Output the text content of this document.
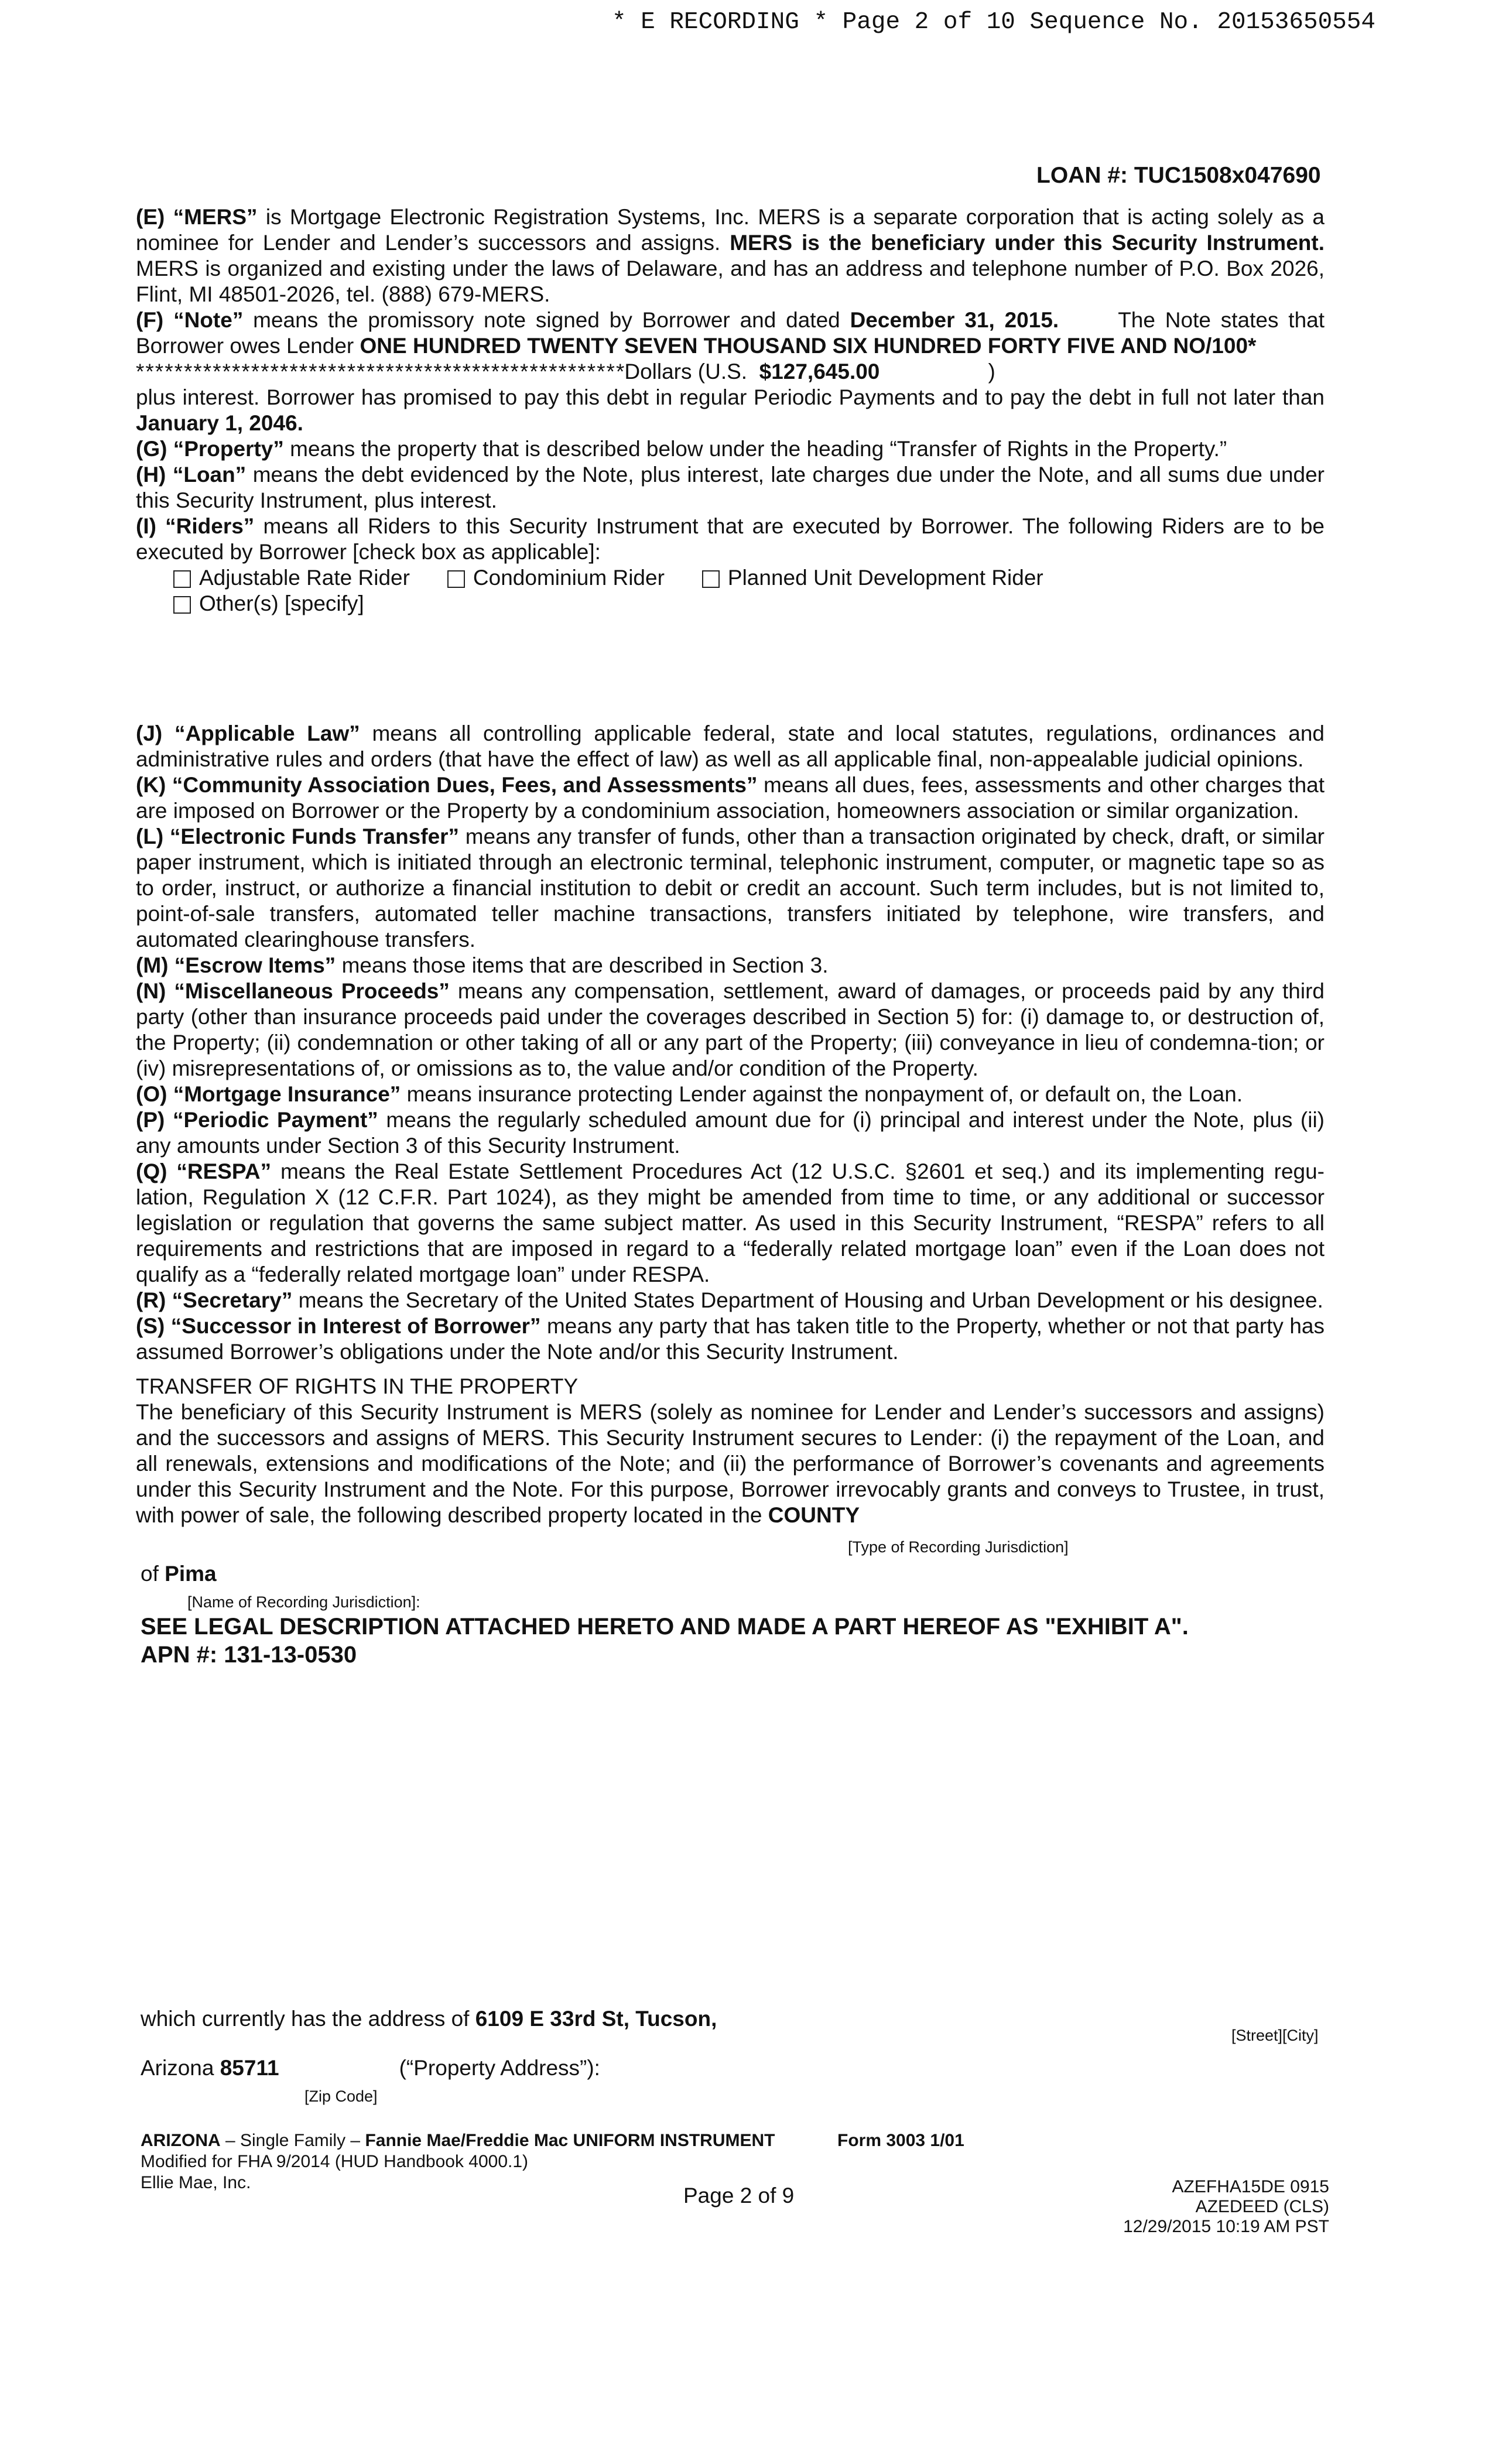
* E RECORDING * Page 2 of 10 Sequence No. 20153650554
LOAN #: TUC1508x047690

(E) “MERS” is Mortgage Electronic Registration Systems, Inc. MERS is a separate corporation that is acting solely as a nominee for Lender and Lender’s successors and assigns. MERS is the beneficiary under this Security Instrument. MERS is organized and existing under the laws of Delaware, and has an address and telephone number of P.O. Box 2026, Flint, MI 48501-2026, tel. (888) 679-MERS.

(F) “Note” means the promissory note signed by Borrower and dated December 31, 2015.	The Note states that Borrower owes Lender ONE HUNDRED TWENTY SEVEN THOUSAND SIX HUNDRED FORTY FIVE AND NO/100*
***************************************************Dollars (U.S.  $127,645.00	)
plus interest. Borrower has promised to pay this debt in regular Periodic Payments and to pay the debt in full not later than January 1, 2046.

(G) “Property” means the property that is described below under the heading “Transfer of Rights in the Property.”

(H) “Loan” means the debt evidenced by the Note, plus interest, late charges due under the Note, and all sums due under this Security Instrument, plus interest.

(I) “Riders” means all Riders to this Security Instrument that are executed by Borrower. The following Riders are to be executed by Borrower [check box as applicable]:

Adjustable Rate Rider	Condominium Rider	Planned Unit Development Rider
Other(s) [specify]

(J) “Applicable Law” means all controlling applicable federal, state and local statutes, regulations, ordinances and administrative rules and orders (that have the effect of law) as well as all applicable final, non-appealable judicial opinions.

(K) “Community Association Dues, Fees, and Assessments” means all dues, fees, assessments and other charges that are imposed on Borrower or the Property by a condominium association, homeowners association or similar organization.

(L) “Electronic Funds Transfer” means any transfer of funds, other than a transaction originated by check, draft, or similar paper instrument, which is initiated through an electronic terminal, telephonic instrument, computer, or magnetic tape so as to order, instruct, or authorize a financial institution to debit or credit an account. Such term includes, but is not limited to, point-of-sale transfers, automated teller machine transactions, transfers initiated by telephone, wire transfers, and automated clearinghouse transfers.

(M) “Escrow Items” means those items that are described in Section 3.

(N) “Miscellaneous Proceeds” means any compensation, settlement, award of damages, or proceeds paid by any third party (other than insurance proceeds paid under the coverages described in Section 5) for: (i) damage to, or destruction of, the Property; (ii) condemnation or other taking of all or any part of the Property; (iii) conveyance in lieu of condemna-tion; or (iv) misrepresentations of, or omissions as to, the value and/or condition of the Property.

(O) “Mortgage Insurance” means insurance protecting Lender against the nonpayment of, or default on, the Loan.

(P) “Periodic Payment” means the regularly scheduled amount due for (i) principal and interest under the Note, plus (ii) any amounts under Section 3 of this Security Instrument.

(Q) “RESPA” means the Real Estate Settlement Procedures Act (12 U.S.C. §2601 et seq.) and its implementing regu-lation, Regulation X (12 C.F.R. Part 1024), as they might be amended from time to time, or any additional or successor legislation or regulation that governs the same subject matter. As used in this Security Instrument, “RESPA” refers to all requirements and restrictions that are imposed in regard to a “federally related mortgage loan” even if the Loan does not qualify as a “federally related mortgage loan” under RESPA.

(R) “Secretary” means the Secretary of the United States Department of Housing and Urban Development or his designee.

(S) “Successor in Interest of Borrower” means any party that has taken title to the Property, whether or not that party has assumed Borrower’s obligations under the Note and/or this Security Instrument.

TRANSFER OF RIGHTS IN THE PROPERTY

The beneficiary of this Security Instrument is MERS (solely as nominee for Lender and Lender’s successors and assigns) and the successors and assigns of MERS. This Security Instrument secures to Lender: (i) the repayment of the Loan, and all renewals, extensions and modifications of the Note; and (ii) the performance of Borrower’s covenants and agreements under this Security Instrument and the Note. For this purpose, Borrower irrevocably grants and conveys to Trustee, in trust, with power of sale, the following described property located in the COUNTY

[Type of Recording Jurisdiction]
of Pima
[Name of Recording Jurisdiction]:
SEE LEGAL DESCRIPTION ATTACHED HERETO AND MADE A PART HEREOF AS "EXHIBIT A".
APN #: 131-13-0530
which currently has the address of 6109 E 33rd St, Tucson,
[Street][City]
Arizona 85711	(“Property Address”):
[Zip Code]
ARIZONA – Single Family – Fannie Mae/Freddie Mac UNIFORM INSTRUMENT
Modified for FHA 9/2014 (HUD Handbook 4000.1)
Ellie Mae, Inc.
Form 3003 1/01
Page 2 of 9	AZEFHA15DE 0915
AZEDEED (CLS)
12/29/2015 10:19 AM PST
